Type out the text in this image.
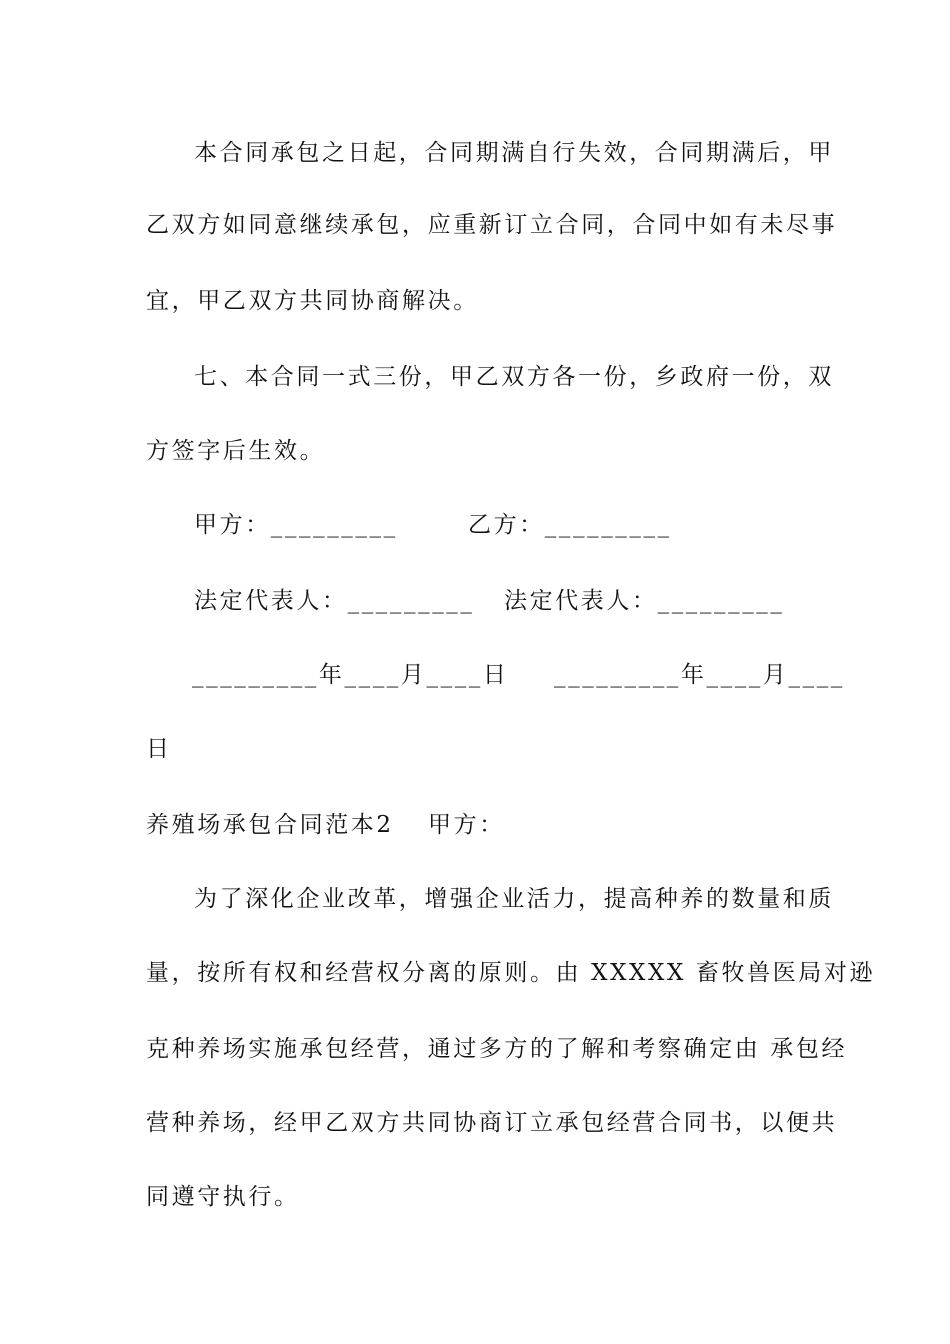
本合同承包之日起，合同期满自行失效，合同期满后，甲
乙双方如同意继续承包，应重新订立合同，合同中如有未尽事
宜，甲乙双方共同协商解决。
七、本合同一式三份，甲乙双方各一份，乡政府一份，双
方签字后生效。
甲方：_________	乙方：_________
法定代表人：_________ 法定代表人：_________
_________年____月____日 _________年____月____
日
养殖场承包合同范本2 甲方：
为了深化企业改革，增强企业活力，提高种养的数量和质
量，按所有权和经营权分离的原则。由 XXXXX 畜牧兽医局对逊
克种养场实施承包经营，通过多方的了解和考察确定由 承包经
营种养场，经甲乙双方共同协商订立承包经营合同书，以便共
同遵守执行。
